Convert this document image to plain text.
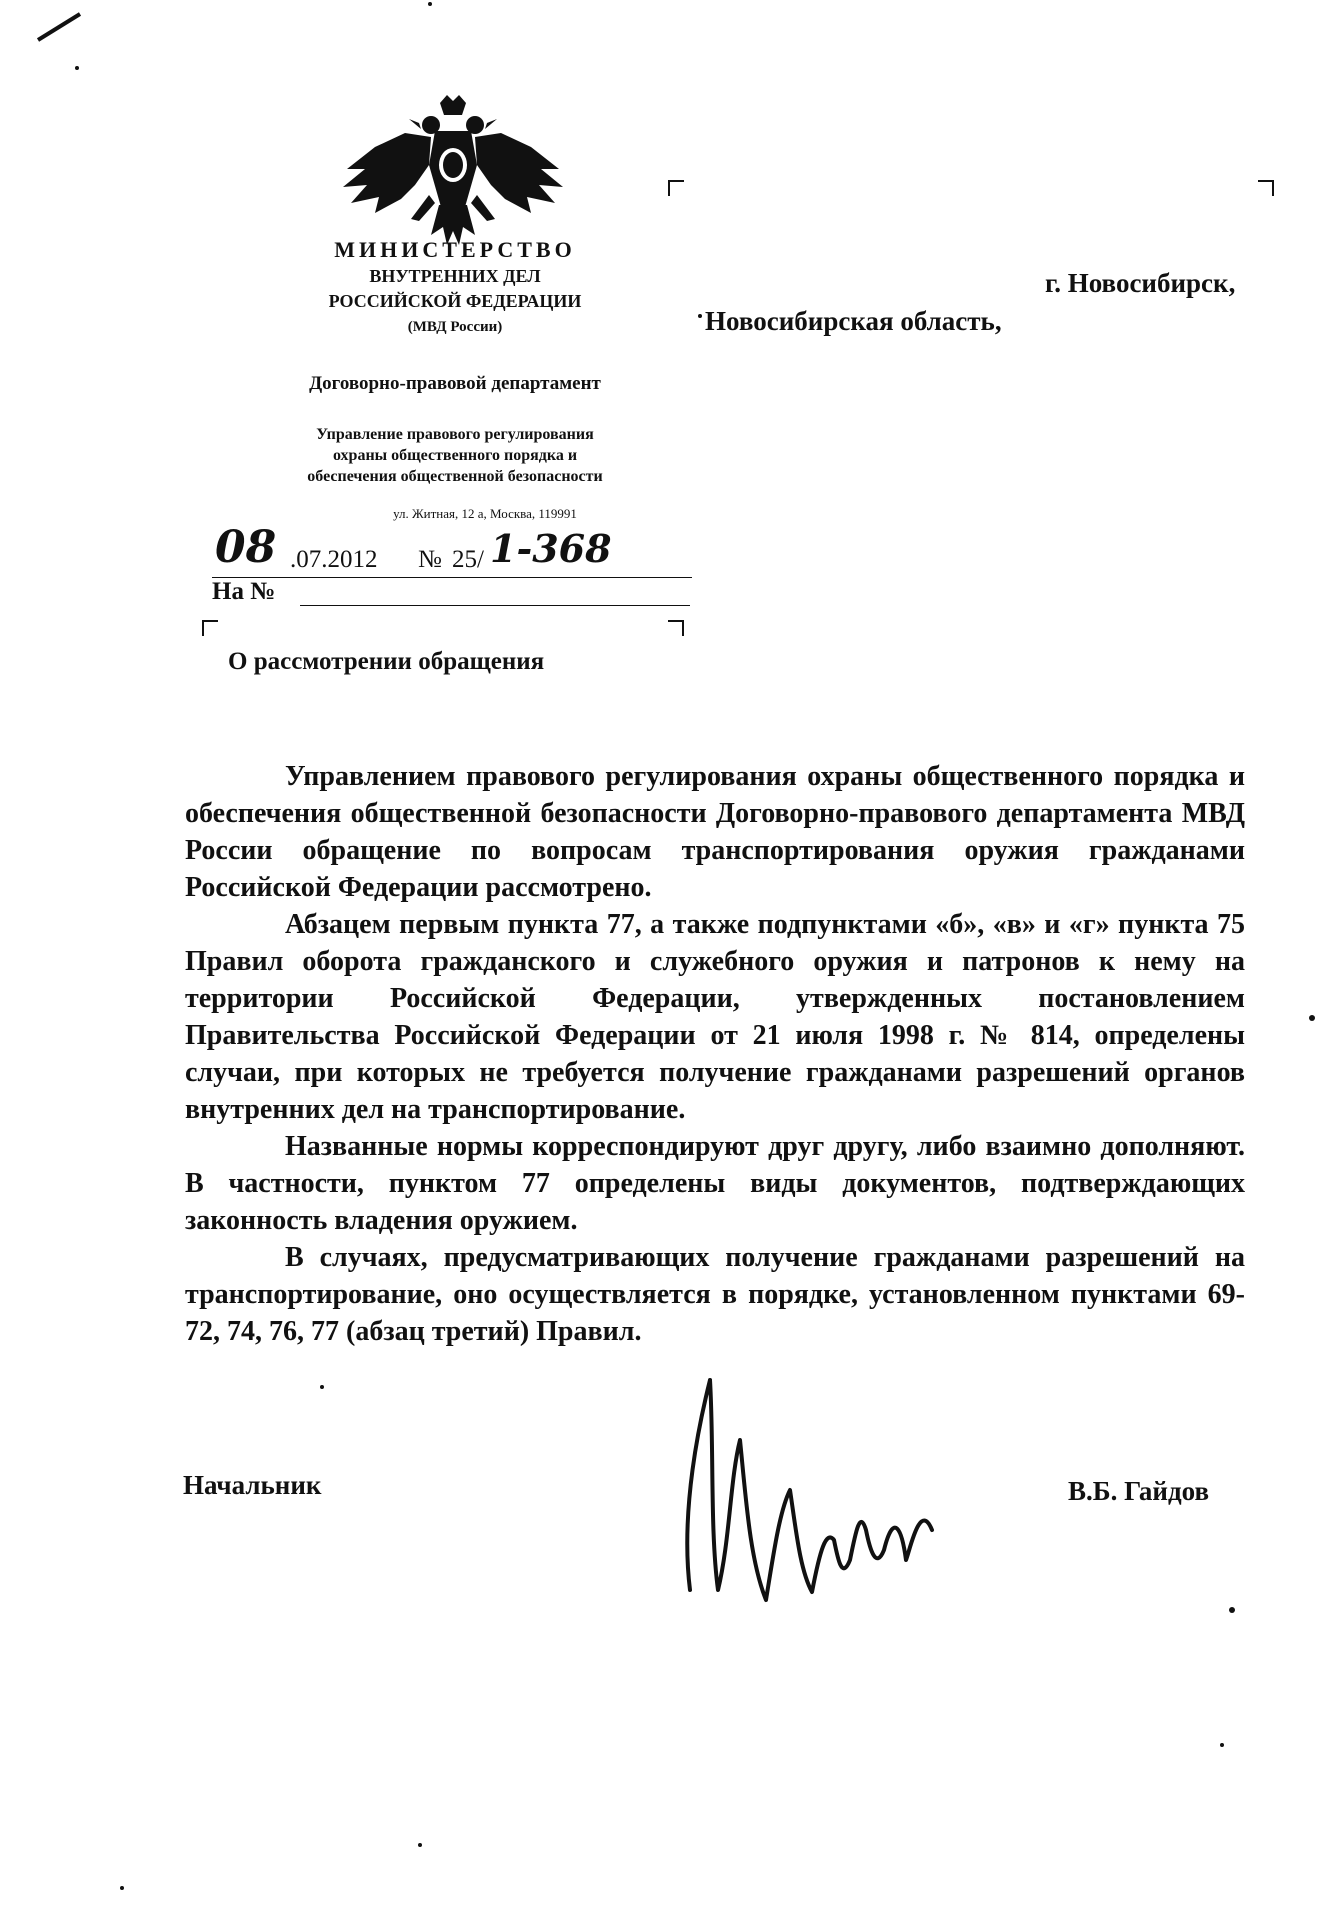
МИНИСТЕРСТВО
ВНУТРЕННИХ ДЕЛ
РОССИЙСКОЙ ФЕДЕРАЦИИ
(МВД России)
Договорно-правовой департамент
Управление правового регулирования
охраны общественного порядка и
обеспечения общественной безопасности
ул. Житная, 12 а, Москва, 119991
08 .07.2012 № 25/ 1-368
На №
О рассмотрении обращения
г. Новосибирск,
Новосибирская область,

Управлением правового регулирования охраны общественного порядка и обеспечения общественной безопасности Договорно-правового департамента МВД России обращение по вопросам транспортирования оружия гражданами Российской Федерации рассмотрено.

Абзацем первым пункта 77, а также подпунктами «б», «в» и «г» пункта 75 Правил оборота гражданского и служебного оружия и патронов к нему на территории Российской Федерации, утвержденных постановлением Правительства Российской Федерации от 21 июля 1998 г. № 814, определены случаи, при которых не требуется получение гражданами разрешений органов внутренних дел на транспортирование.

Названные нормы корреспондируют друг другу, либо взаимно дополняют. В частности, пунктом 77 определены виды документов, подтверждающих законность владения оружием.

В случаях, предусматривающих получение гражданами разрешений на транспортирование, оно осуществляется в порядке, установленном пунктами 69-72, 74, 76, 77 (абзац третий) Правил.

Начальник	В.Б. Гайдов
